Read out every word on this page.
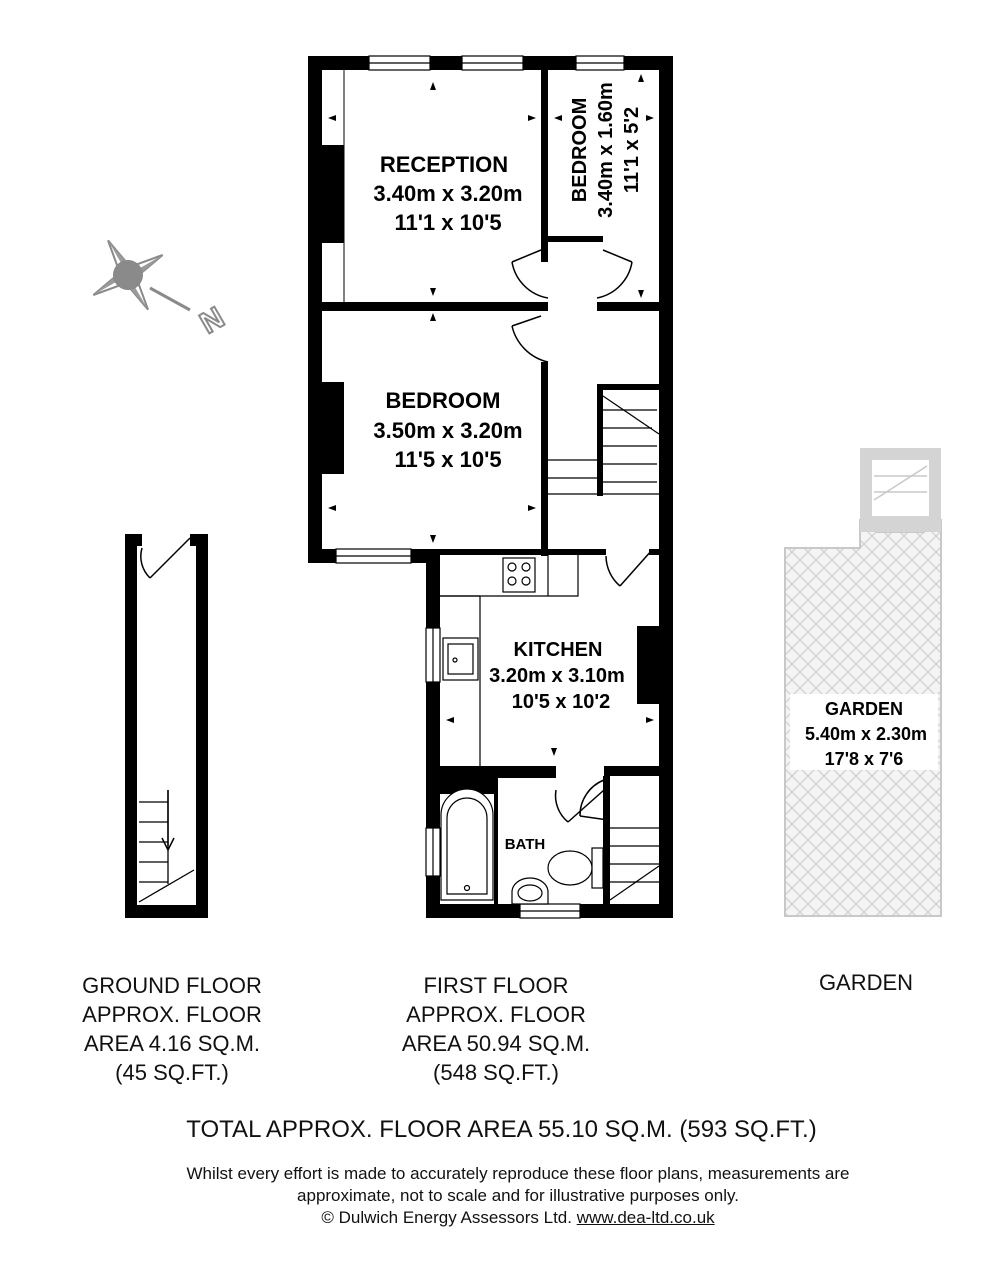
N
RECEPTION
3.40m x 3.20m
11'1 x 10'5
BEDROOM 3.40m x 1.60m 11'1 x 5'2
BEDROOM
3.50m x 3.20m
11'5 x 10'5
KITCHEN
3.20m x 3.10m
10'5 x 10'2
BATH
GARDEN
5.40m x 2.30m
17'8 x 7'6
GROUND FLOOR
APPROX. FLOOR
AREA 4.16 SQ.M.
(45 SQ.FT.)
FIRST FLOOR
APPROX. FLOOR
AREA 50.94 SQ.M.
(548 SQ.FT.)
GARDEN
TOTAL APPROX. FLOOR AREA 55.10 SQ.M. (593 SQ.FT.)
Whilst every effort is made to accurately reproduce these floor plans, measurements are
approximate, not to scale and for illustrative purposes only.
© Dulwich Energy Assessors Ltd. www.dea-ltd.co.uk
